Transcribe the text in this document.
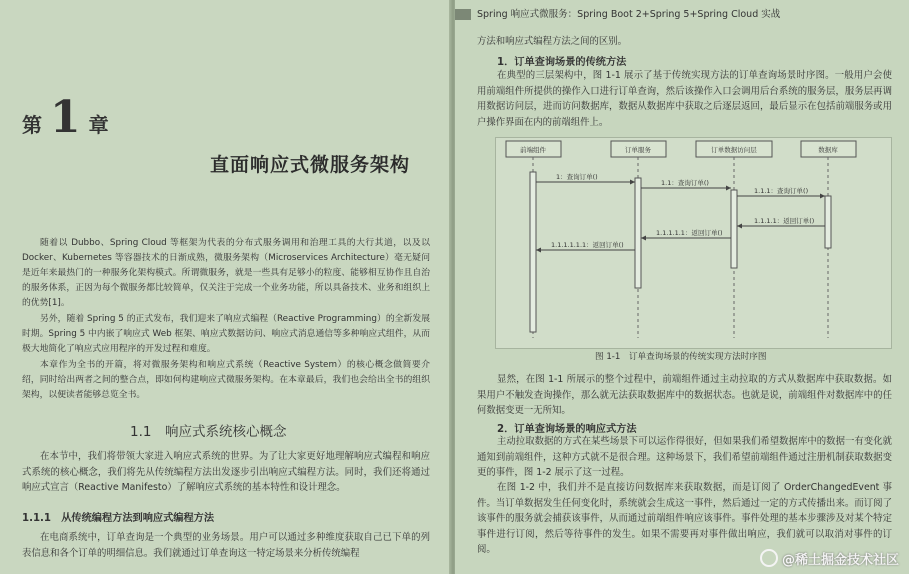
第 1 章
直面响应式微服务架构
随着以 Dubbo、Spring Cloud 等框架为代表的分布式服务调用和治理工具的大行其道，以及以 Docker、Kubernetes 等容器技术的日渐成熟，微服务架构（Microservices Architecture）毫无疑问是近年来最热门的一种服务化架构模式。所谓微服务，就是一些具有足够小的粒度、能够相互协作且自治的服务体系，正因为每个微服务都比较简单，仅关注于完成一个业务功能，所以具备技术、业务和组织上的优势[1]。
另外，随着 Spring 5 的正式发布，我们迎来了响应式编程（Reactive Programming）的全新发展时期。Spring 5 中内嵌了响应式 Web 框架、响应式数据访问、响应式消息通信等多种响应式组件，从而极大地简化了响应式应用程序的开发过程和难度。
本章作为全书的开篇，将对微服务架构和响应式系统（Reactive System）的核心概念做简要介绍，同时给出两者之间的整合点，即如何构建响应式微服务架构。在本章最后，我们也会给出全书的组织架构，以便读者能够总览全书。
1.1　响应式系统核心概念
在本节中，我们将带领大家进入响应式系统的世界。为了让大家更好地理解响应式编程和响应式系统的核心概念，我们将先从传统编程方法出发逐步引出响应式编程方法。同时，我们还将通过响应式宣言（Reactive Manifesto）了解响应式系统的基本特性和设计理念。
1.1.1　从传统编程方法到响应式编程方法
在电商系统中，订单查询是一个典型的业务场景。用户可以通过多种维度获取自己已下单的列表信息和各个订单的明细信息。我们就通过订单查询这一特定场景来分析传统编程
Spring 响应式微服务：Spring Boot 2+Spring 5+Spring Cloud 实战
方法和响应式编程方法之间的区别。
1．订单查询场景的传统方法
在典型的三层架构中，图 1-1 展示了基于传统实现方法的订单查询场景时序图。一般用户会使用前端组件所提供的操作入口进行订单查询，然后该操作入口会调用后台系统的服务层，服务层再调用数据访问层，进而访问数据库，数据从数据库中获取之后逐层返回，最后显示在包括前端服务或用户操作界面在内的前端组件上。
前端组件	订单服务	订单数据访问层	数据库
1：查询订单()
1.1：查询订单()
1.1.1：查询订单()
1.1.1.1：返回订单()
1.1.1.1.1：返回订单()
1.1.1.1.1.1：返回订单()
图 1-1　订单查询场景的传统实现方法时序图
显然，在图 1-1 所展示的整个过程中，前端组件通过主动拉取的方式从数据库中获取数据。如果用户不触发查询操作，那么就无法获取数据库中的数据状态。也就是说，前端组件对数据库中的任何数据变更一无所知。
2．订单查询场景的响应式方法
主动拉取数据的方式在某些场景下可以运作得很好，但如果我们希望数据库中的数据一有变化就通知到前端组件，这种方式就不是很合理。这种场景下，我们希望前端组件通过注册机制获取数据变更的事件，图 1-2 展示了这一过程。
在图 1-2 中，我们并不是直接访问数据库来获取数据，而是订阅了 OrderChangedEvent 事件。当订单数据发生任何变化时，系统就会生成这一事件，然后通过一定的方式传播出来。而订阅了该事件的服务就会捕获该事件，从而通过前端组件响应该事件。事件处理的基本步骤涉及对某个特定事件进行订阅，然后等待事件的发生。如果不需要再对事件做出响应，我们就可以取消对事件的订阅。
@稀土掘金技术社区
